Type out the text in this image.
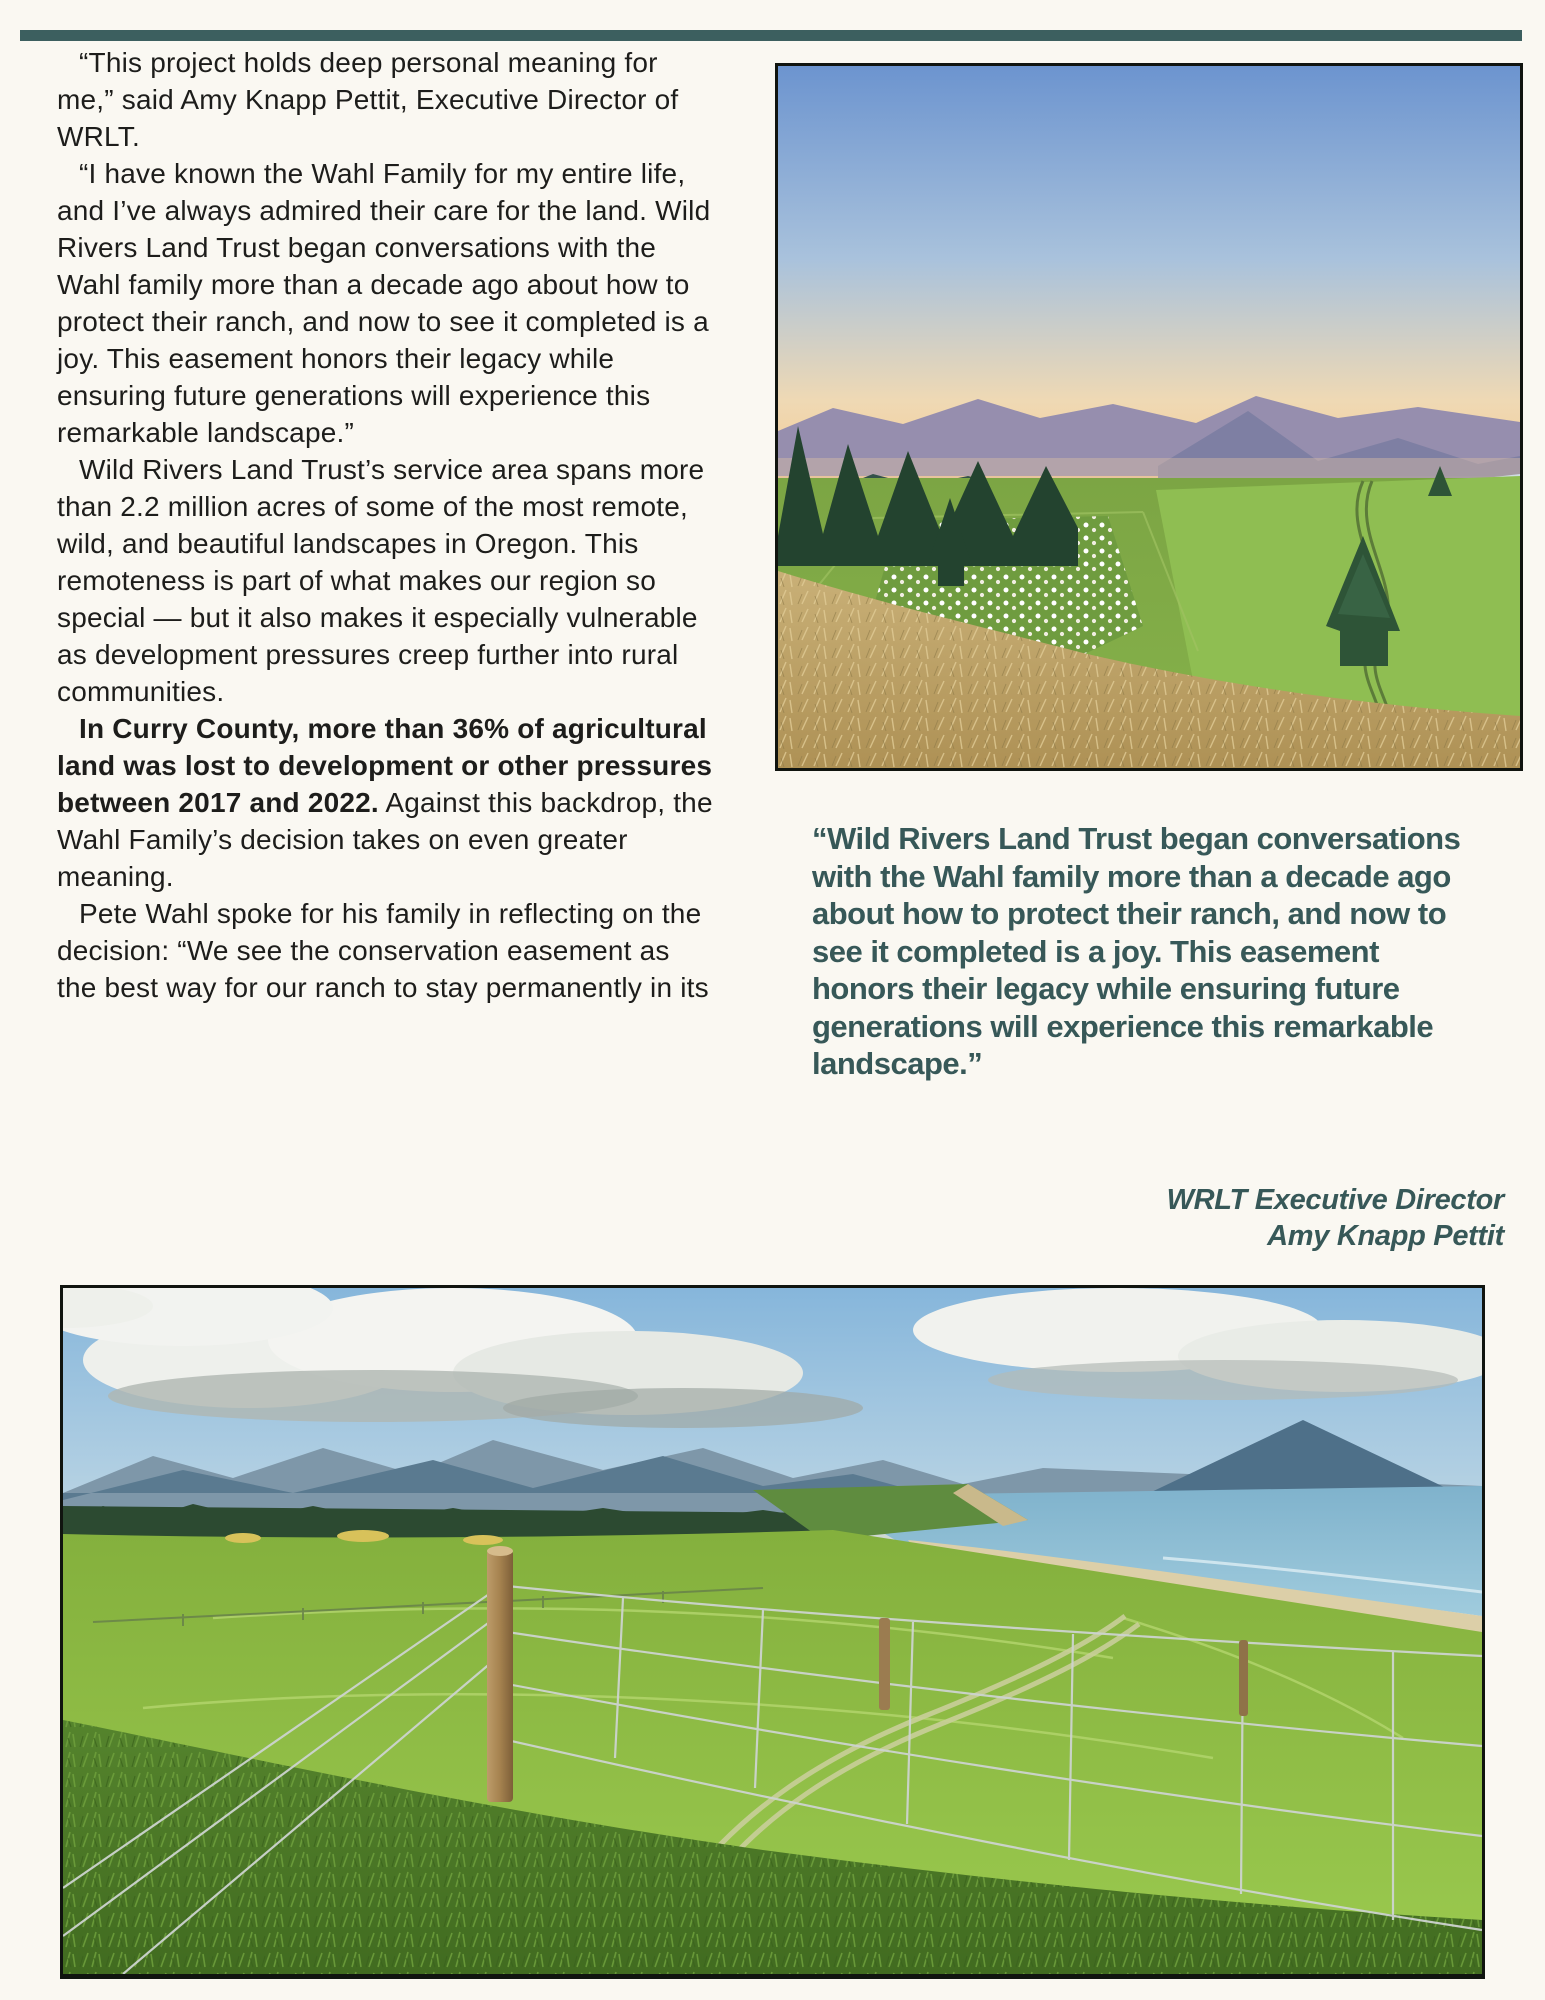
“This project holds deep personal meaning for me,” said Amy Knapp Pettit, Executive Director of WRLT.

“I have known the Wahl Family for my entire life, and I’ve always admired their care for the land. Wild Rivers Land Trust began conversations with the Wahl family more than a decade ago about how to protect their ranch, and now to see it completed is a joy. This easement honors their legacy while ensuring future generations will experience this remarkable landscape.”

Wild Rivers Land Trust’s service area spans more than 2.2 million acres of some of the most remote, wild, and beautiful landscapes in Oregon. This remoteness is part of what makes our region so special — but it also makes it especially vulnerable as development pressures creep further into rural communities.

In Curry County, more than 36% of agricultural land was lost to development or other pressures between 2017 and 2022. Against this backdrop, the Wahl Family’s decision takes on even greater meaning.

Pete Wahl spoke for his family in reflecting on the decision: “We see the conservation easement as the best way for our ranch to stay permanently in its

“Wild Rivers Land Trust began conversations with the Wahl family more than a decade ago about how to protect their ranch, and now to see it completed is a joy. This easement honors their legacy while ensuring future generations will experience this remarkable landscape.”
WRLT Executive Director
Amy Knapp Pettit
